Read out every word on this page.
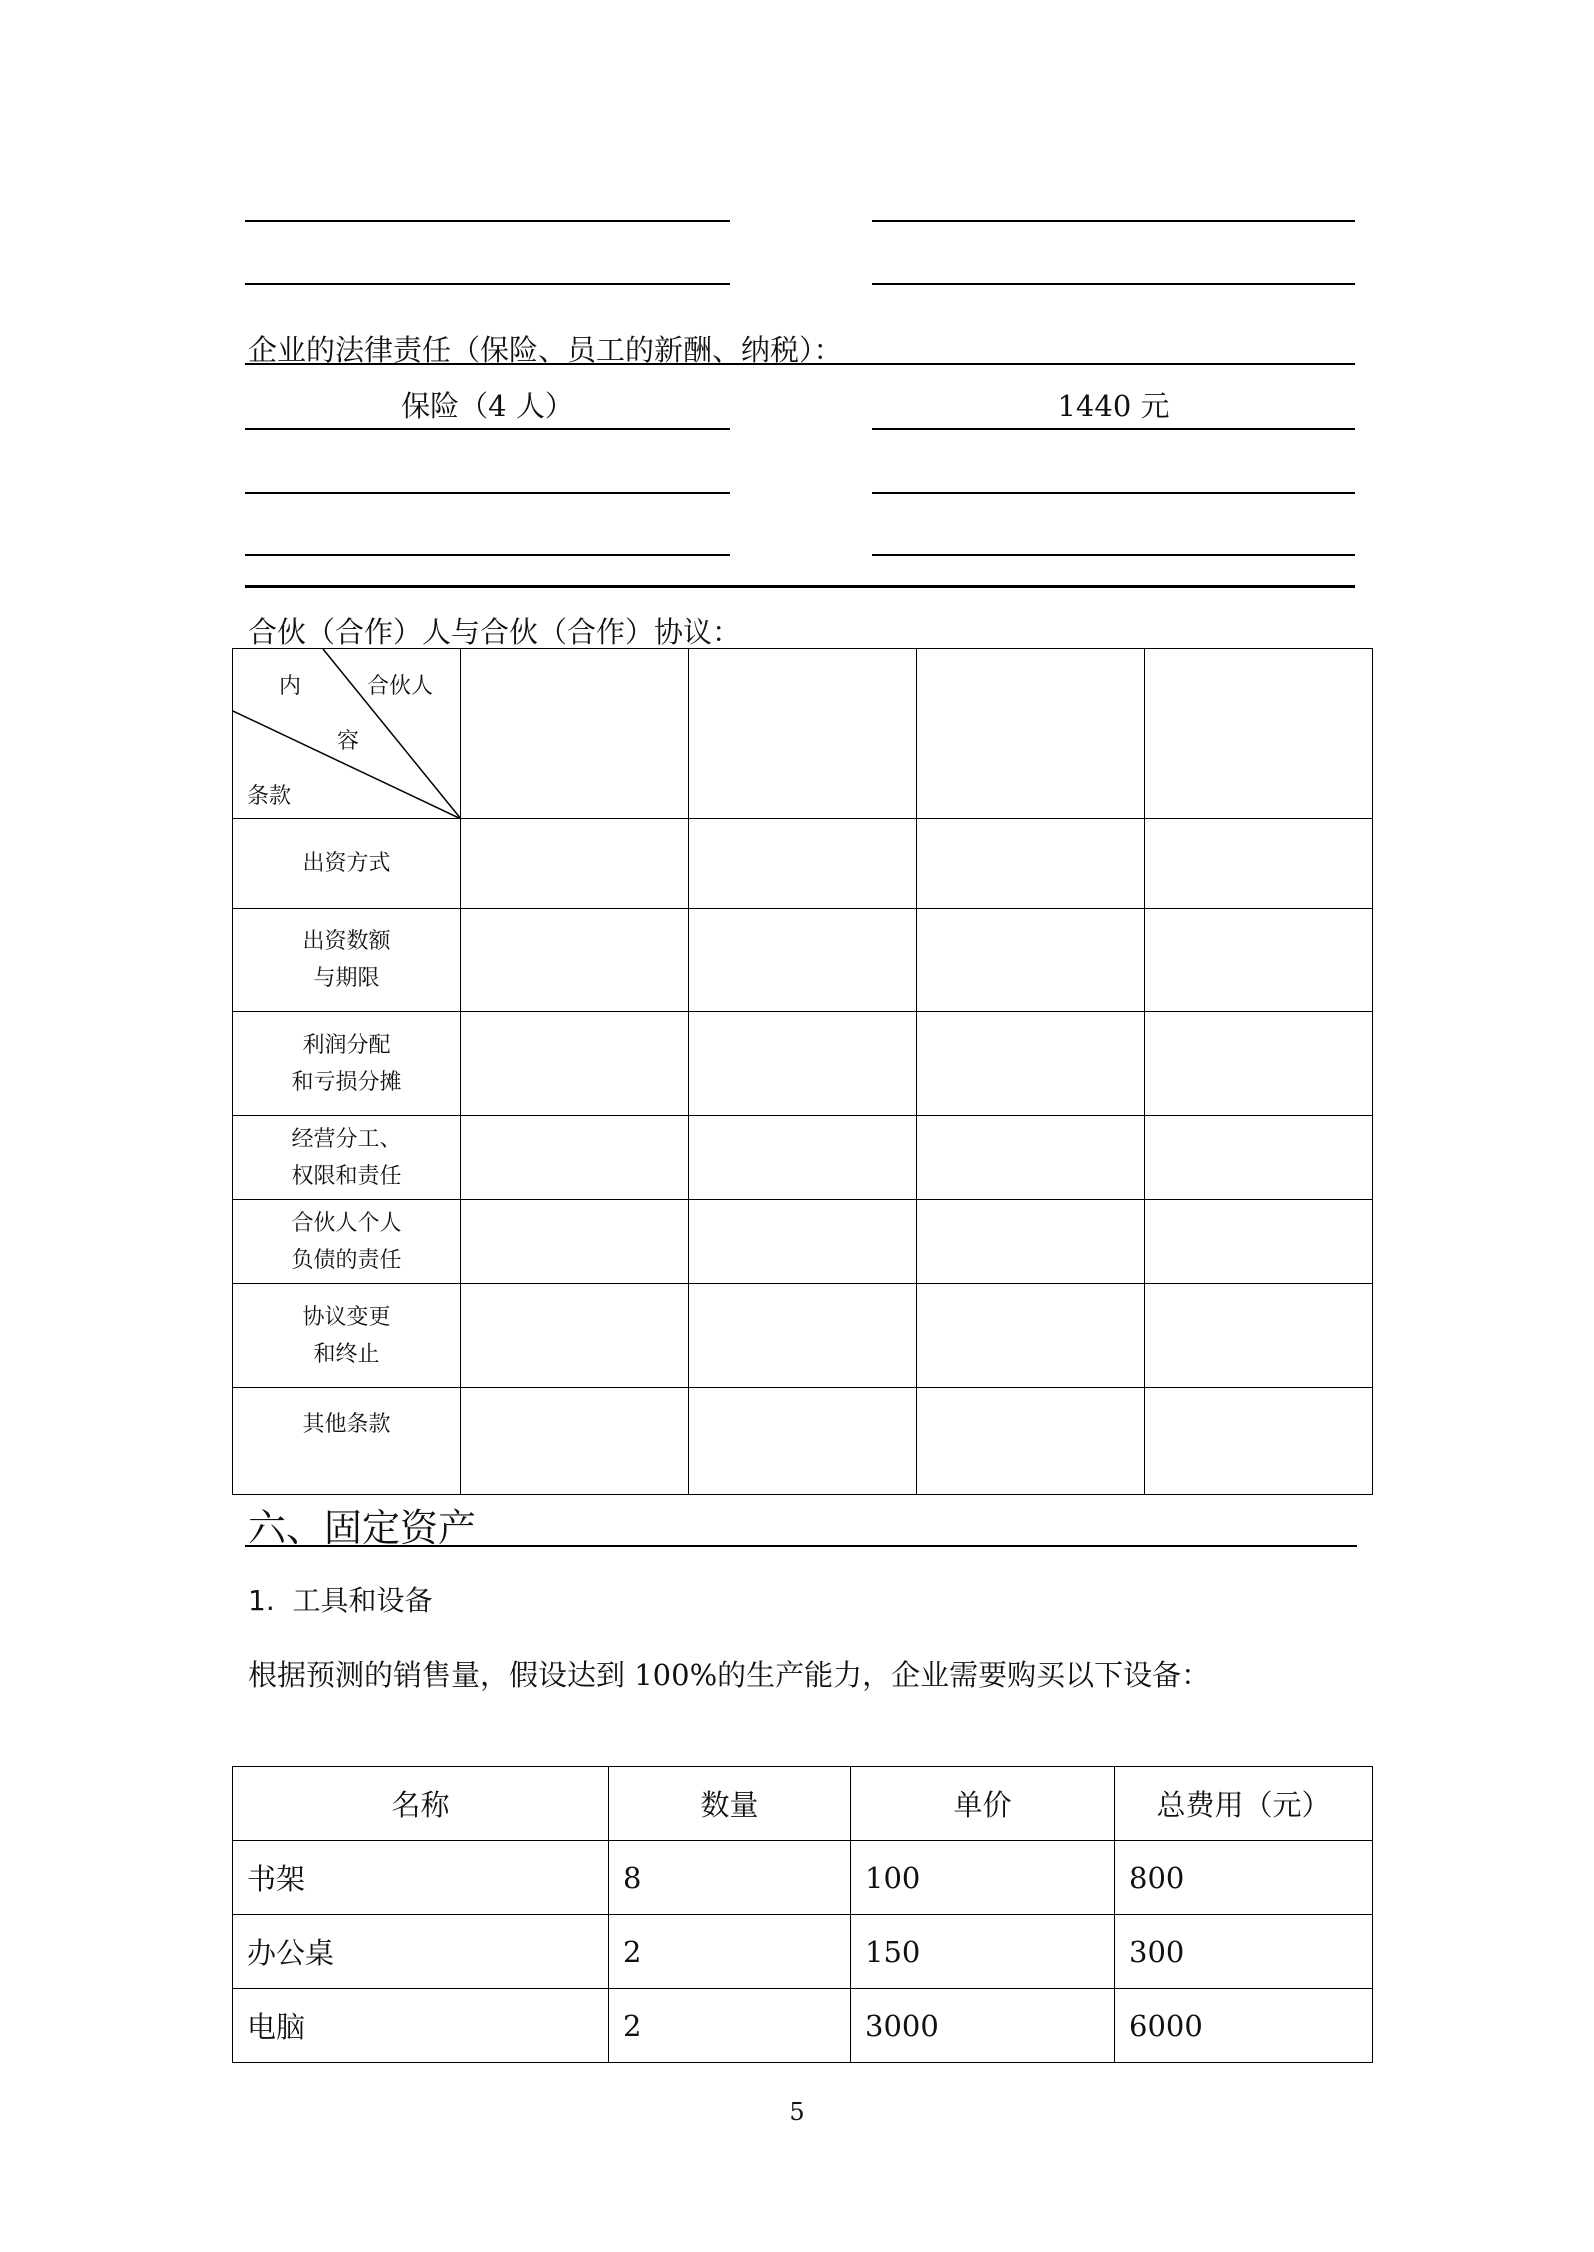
企业的法律责任（保险、员工的新酬、纳税）：
保险（4 人）	1440 元
合伙（合作）人与合伙（合作）协议：
合伙人
内
容
条款				

出资方式				

出资数额
与期限				

利润分配
和亏损分摊				

经营分工、
权限和责任				

合伙人个人
负债的责任				

协议变更
和终止				

其他条款				

六、固定资产
1.  工具和设备
根据预测的销售量，假设达到 100%的生产能力，企业需要购买以下设备：
名称	数量	单价	总费用（元）
书架	8	100	800
办公桌	2	150	300
电脑	2	3000	6000
5
